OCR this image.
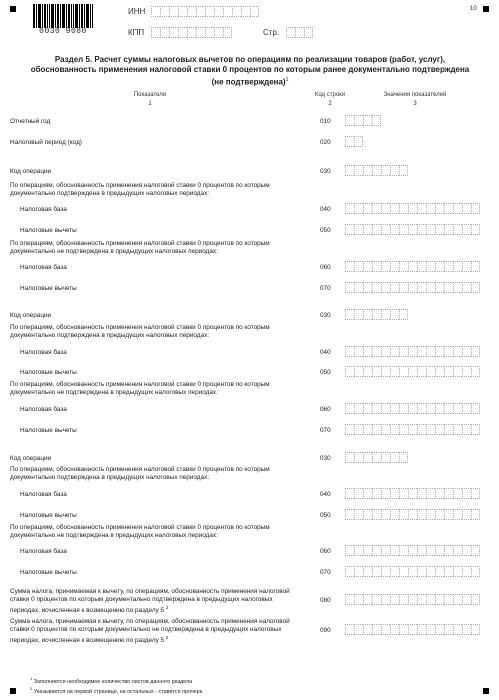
0030 9080
ИНН
КПП	Стр.
10
Раздел 5. Расчет суммы налоговых вычетов по операциям по реализации товаров (работ, услуг),
обоснованность применения налоговой ставки 0 процентов по которым ранее документально подтверждена
(не подтверждена)$^1$
Показатели	Код строки	Значения показателей
1	2	3
Отчетный год	010
Налоговый период (код)	020
Код операции	030
По операциям, обоснованность применения налоговой ставки 0 процентов по которым документально подтверждена в предыдущих налоговых периодах:
Налоговая база	040
Налоговые вычеты	050
По операциям, обоснованность применения налоговой ставки 0 процентов по которым документально не подтверждена в предыдущих налоговых периодах:
Налоговая база	060
Налоговые вычеты	070
Код операции	030
По операциям, обоснованность применения налоговой ставки 0 процентов по которым документально подтверждена в предыдущих налоговых периодах:
Налоговая база	040
Налоговые вычеты	050
По операциям, обоснованность применения налоговой ставки 0 процентов по которым документально не подтверждена в предыдущих налоговых периодах:
Налоговая база	060
Налоговые вычеты	070
Код операции	030
По операциям, обоснованность применения налоговой ставки 0 процентов по которым документально подтверждена в предыдущих налоговых периодах:
Налоговая база	040
Налоговые вычеты	050
По операциям, обоснованность применения налоговой ставки 0 процентов по которым документально не подтверждена в предыдущих налоговых периодах:
Налоговая база	060
Налоговые вычеты	070
Сумма налога, принимаемая к вычету, по операциям, обоснованность применения налоговой ставки 0 процентов по которым документально подтверждена в предыдущих налоговых периодах, исчисленная к возмещению по разделу 5 $^2$
080
Сумма налога, принимаемая к вычету, по операциям, обоснованность применения налоговой ставки 0 процентов по которым документально не подтверждена в предыдущих налоговых периодах, исчисленная к возмещению по разделу 5 $^2$
090
$^1$ Заполняется необходимое количество листов данного раздела
$^2$ Указывается на первой странице, на остальных - ставится прочерк.
